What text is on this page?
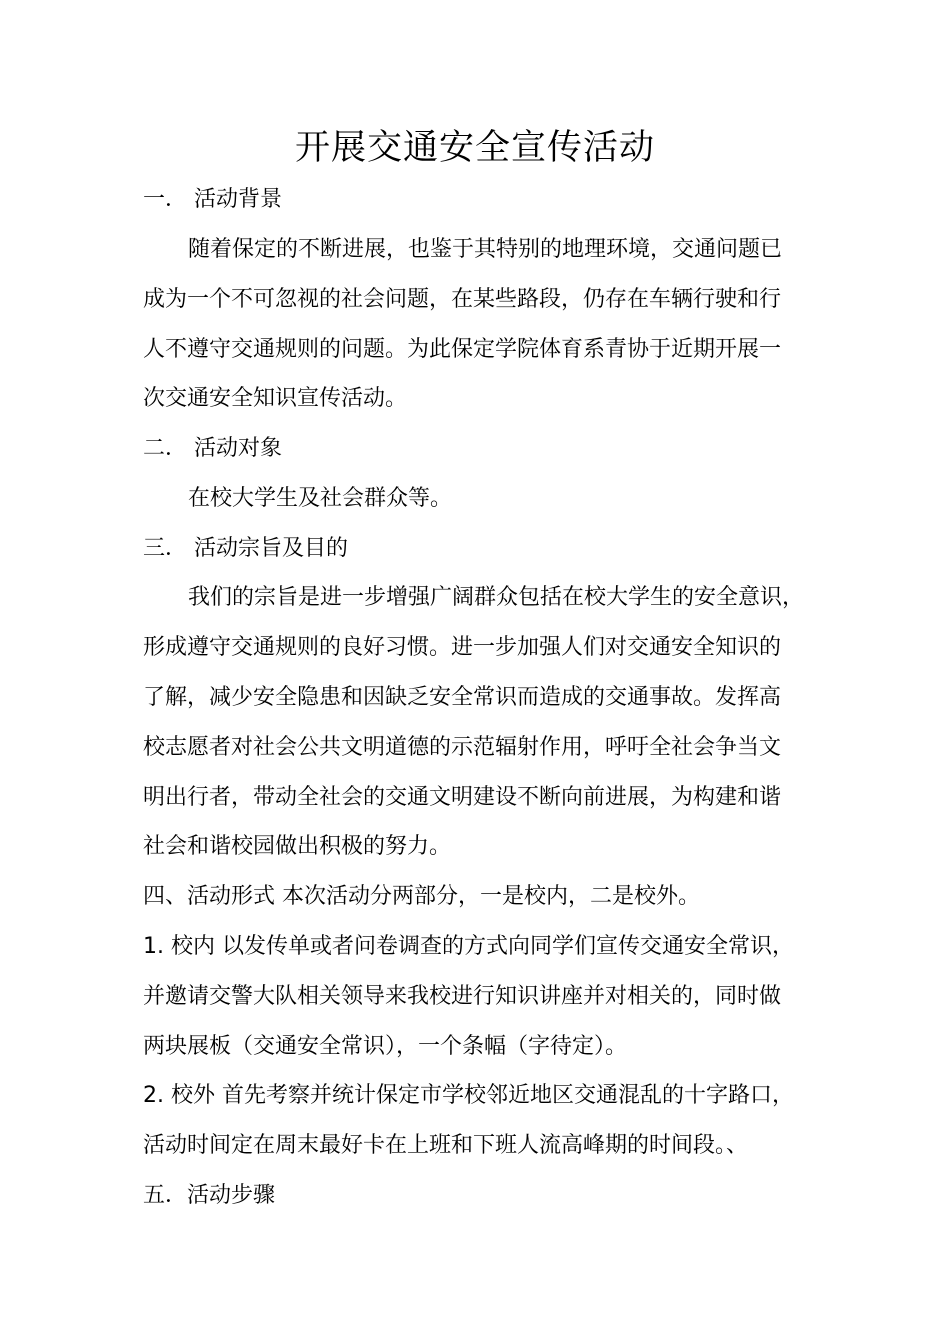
开展交通安全宣传活动
一． 活动背景
随着保定的不断进展，也鉴于其特别的地理环境，交通问题已
成为一个不可忽视的社会问题，在某些路段，仍存在车辆行驶和行
人不遵守交通规则的问题。为此保定学院体育系青协于近期开展一
次交通安全知识宣传活动。
二． 活动对象
在校大学生及社会群众等。
三． 活动宗旨及目的
我们的宗旨是进一步增强广阔群众包括在校大学生的安全意识，
形成遵守交通规则的良好习惯。进一步加强人们对交通安全知识的
了解，减少安全隐患和因缺乏安全常识而造成的交通事故。发挥高
校志愿者对社会公共文明道德的示范辐射作用，呼吁全社会争当文
明出行者，带动全社会的交通文明建设不断向前进展，为构建和谐
社会和谐校园做出积极的努力。
四、活动形式 本次活动分两部分，一是校内，二是校外。
1. 校内 以发传单或者问卷调查的方式向同学们宣传交通安全常识，
并邀请交警大队相关领导来我校进行知识讲座并对相关的，同时做
两块展板（交通安全常识），一个条幅（字待定）。
2. 校外 首先考察并统计保定市学校邻近地区交通混乱的十字路口，
活动时间定在周末最好卡在上班和下班人流高峰期的时间段。、
五．活动步骤
